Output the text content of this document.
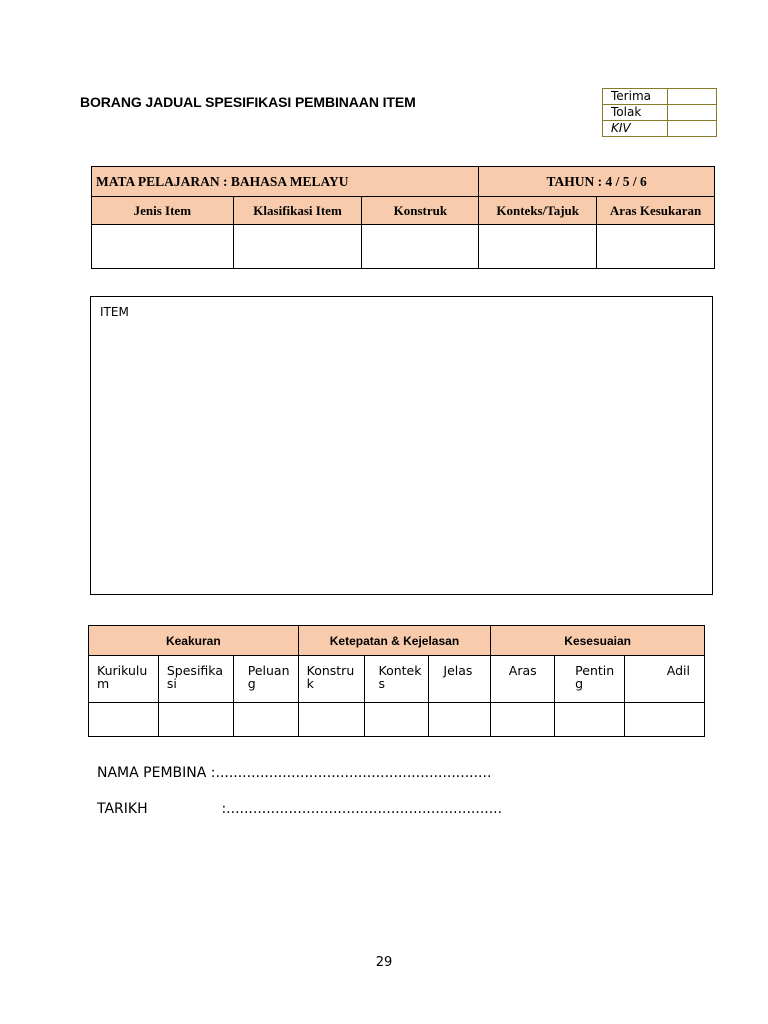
BORANG JADUAL SPESIFIKASI PEMBINAAN ITEM	Terima	
Tolak	
KIV	
MATA PELAJARAN : BAHASA MELAYU			TAHUN : 4 / 5 / 6	
Jenis Item	Klasifikasi Item	Konstruk	Konteks/Tajuk	Aras Kesukaran

ITEM
Keakuran			Ketepatan & Kejelasan			Kesesuaian		
Kurikulum	Spesifikasi	Peluang	Konstruk	Konteks	Jelas	Aras	Penting	Adil

NAMA PEMBINA :..............................................................
TARIKH	:..............................................................
29
